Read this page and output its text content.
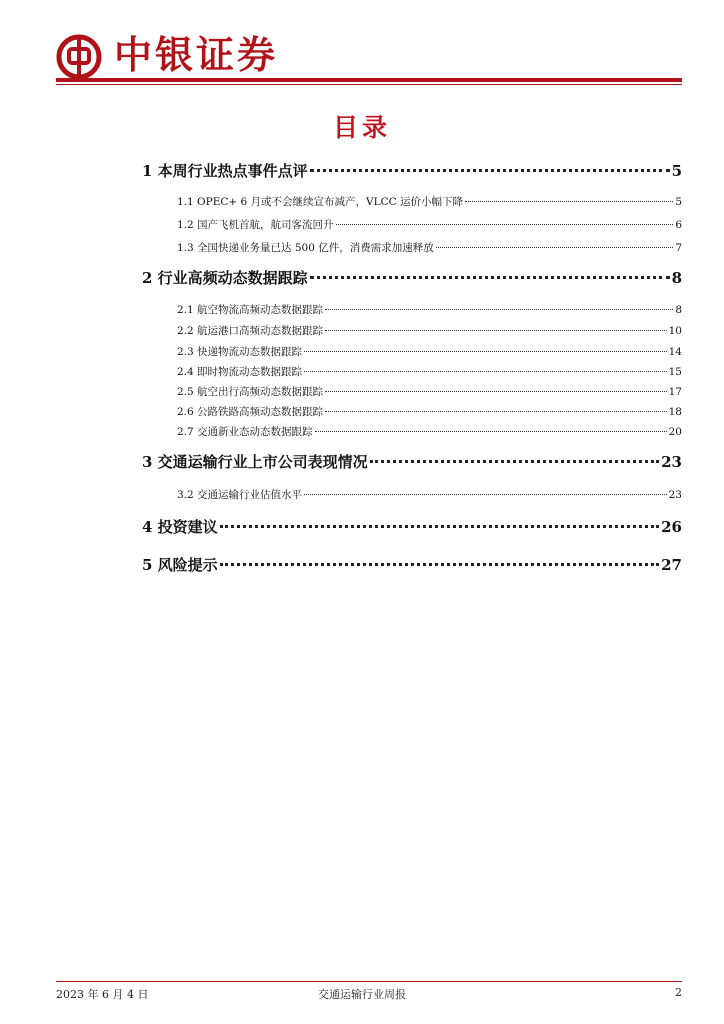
中银证券
目录
1 本周行业热点事件点评	5
1.1 OPEC+ 6 月或不会继续宣布减产，VLCC 运价小幅下降	5
1.2 国产飞机首航，航司客流回升	6
1.3 全国快递业务量已达 500 亿件，消费需求加速释放	7
2 行业高频动态数据跟踪	8
2.1 航空物流高频动态数据跟踪	8
2.2 航运港口高频动态数据跟踪	10
2.3 快递物流动态数据跟踪	14
2.4 即时物流动态数据跟踪	15
2.5 航空出行高频动态数据跟踪	17
2.6 公路铁路高频动态数据跟踪	18
2.7 交通新业态动态数据跟踪	20
3 交通运输行业上市公司表现情况	23
3.2 交通运输行业估值水平	23
4 投资建议	26
5 风险提示	27
2023 年 6 月 4 日	交通运输行业周报	2
